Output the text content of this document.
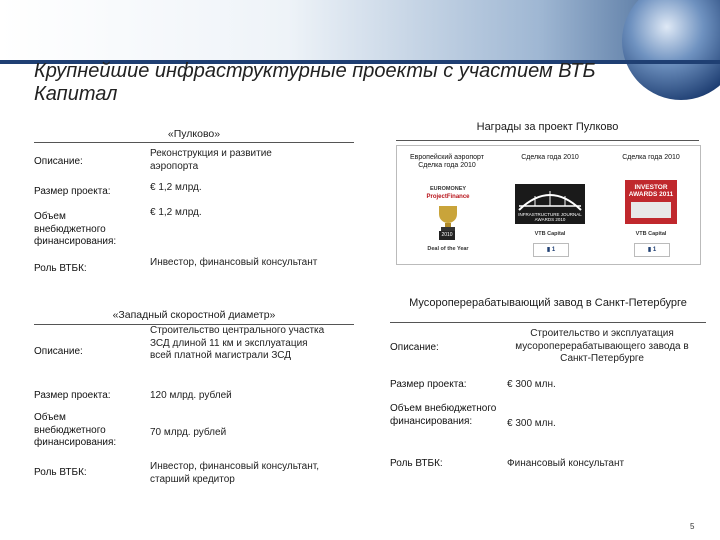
Крупнейшие инфраструктурные проекты с участием ВТБ Капитал
«Пулково»
Описание:
Реконструкция и развитие аэропорта
Размер проекта:	€ 1,2 млрд.
Объем внебюджетного финансирования:
€ 1,2 млрд.
Роль ВТБК:
Инвестор, финансовый консультант
Награды за проект Пулково
Европейский аэропорт Сделка года 2010
EUROMONEY
ProjectFinance
2010
Deal of the Year
Сделка года 2010
INFRASTRUCTURE JOURNAL AWARDS 2010
VTB Capital
▮ 1
Сделка года 2010
INVESTOR AWARDS 2011
VTB Capital
▮ 1
«Западный скоростной диаметр»
Описание:
Строительство центрального участка ЗСД длиной 11 км и эксплуатация всей платной магистрали ЗСД
Размер проекта:	120 млрд. рублей
Объем внебюджетного финансирования:
70 млрд. рублей
Роль ВТБК:
Инвестор, финансовый консультант, старший кредитор
Мусороперерабатывающий завод в Санкт-Петербурге
Описание:
Строительство и эксплуатация мусороперерабатывающего завода в Санкт-Петербурге
Размер проекта:	€ 300 млн.
Объем внебюджетного финансирования:	€ 300 млн.
Роль ВТБК:	Финансовый консультант
5
